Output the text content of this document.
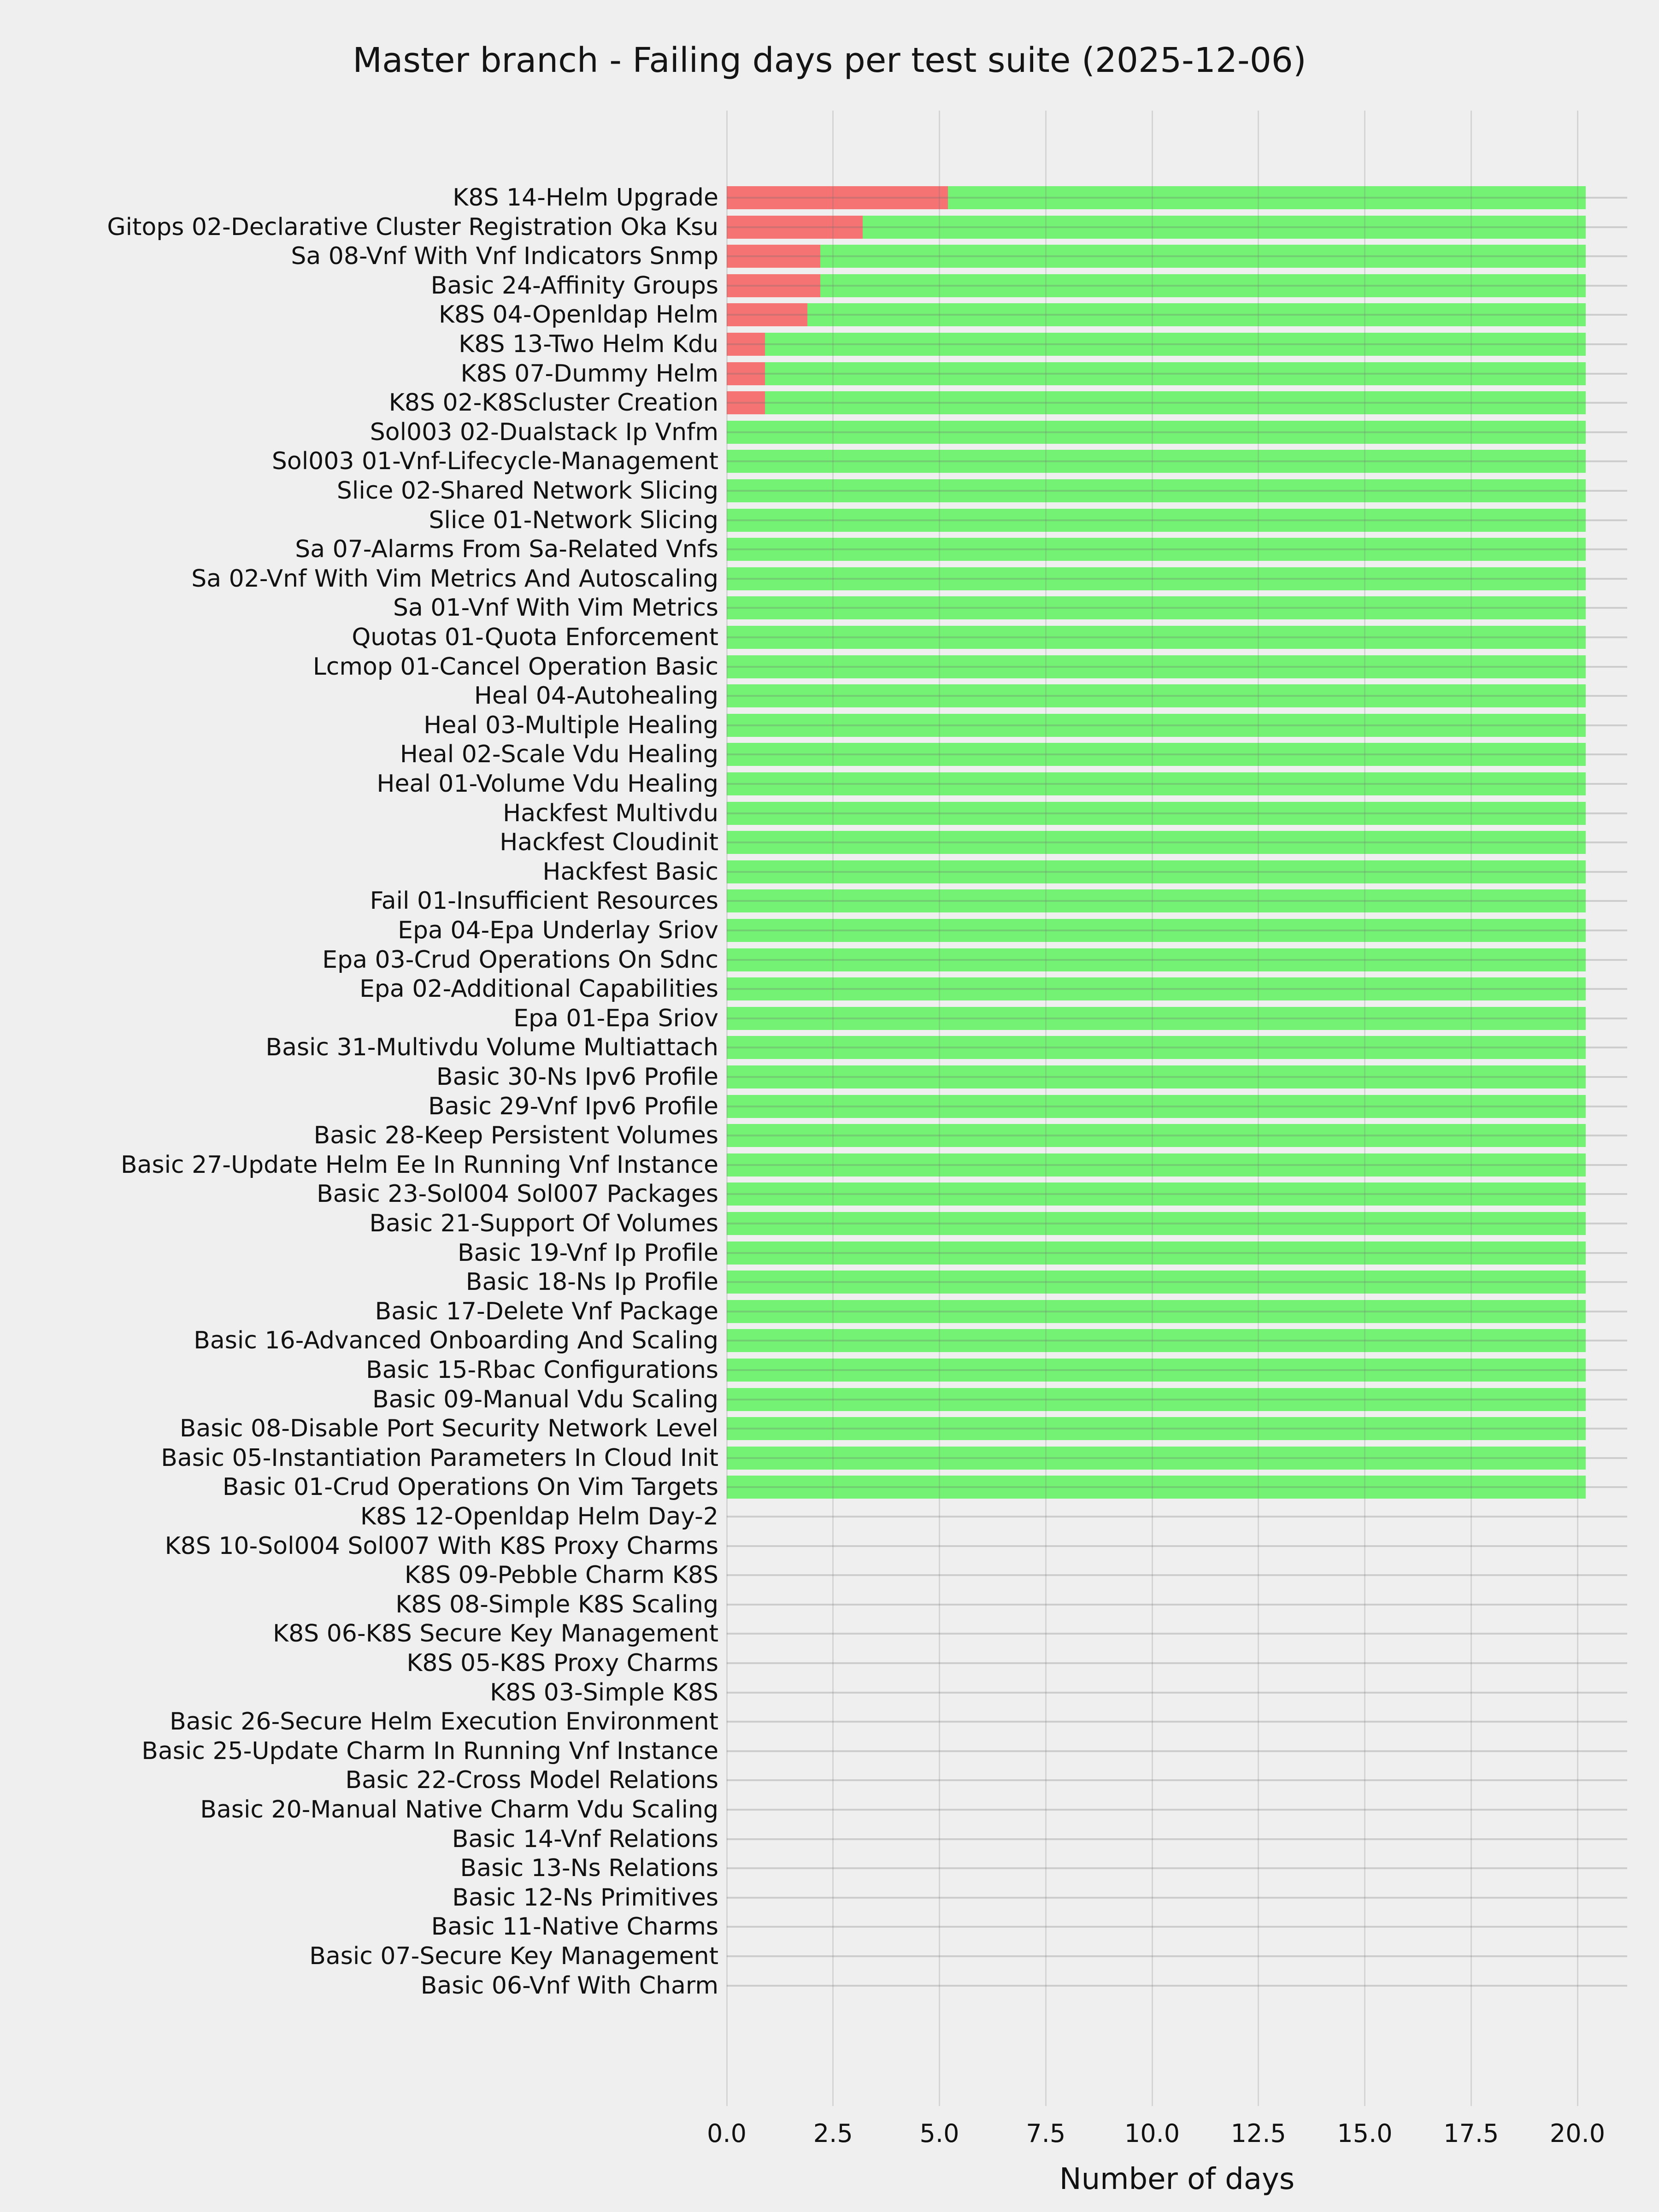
Master branch - Failing days per test suite (2025-12-06)
Number of days
0.0	2.5	5.0	7.5	10.0	12.5	15.0	17.5	20.0
K8S 14-Helm Upgrade
Gitops 02-Declarative Cluster Registration Oka Ksu
Sa 08-Vnf With Vnf Indicators Snmp
Basic 24-Affinity Groups
K8S 04-Openldap Helm
K8S 13-Two Helm Kdu
K8S 07-Dummy Helm
K8S 02-K8Scluster Creation
Sol003 02-Dualstack Ip Vnfm
Sol003 01-Vnf-Lifecycle-Management
Slice 02-Shared Network Slicing
Slice 01-Network Slicing
Sa 07-Alarms From Sa-Related Vnfs
Sa 02-Vnf With Vim Metrics And Autoscaling
Sa 01-Vnf With Vim Metrics
Quotas 01-Quota Enforcement
Lcmop 01-Cancel Operation Basic
Heal 04-Autohealing
Heal 03-Multiple Healing
Heal 02-Scale Vdu Healing
Heal 01-Volume Vdu Healing
Hackfest Multivdu
Hackfest Cloudinit
Hackfest Basic
Fail 01-Insufficient Resources
Epa 04-Epa Underlay Sriov
Epa 03-Crud Operations On Sdnc
Epa 02-Additional Capabilities
Epa 01-Epa Sriov
Basic 31-Multivdu Volume Multiattach
Basic 30-Ns Ipv6 Profile
Basic 29-Vnf Ipv6 Profile
Basic 28-Keep Persistent Volumes
Basic 27-Update Helm Ee In Running Vnf Instance
Basic 23-Sol004 Sol007 Packages
Basic 21-Support Of Volumes
Basic 19-Vnf Ip Profile
Basic 18-Ns Ip Profile
Basic 17-Delete Vnf Package
Basic 16-Advanced Onboarding And Scaling
Basic 15-Rbac Configurations
Basic 09-Manual Vdu Scaling
Basic 08-Disable Port Security Network Level
Basic 05-Instantiation Parameters In Cloud Init
Basic 01-Crud Operations On Vim Targets
K8S 12-Openldap Helm Day-2
K8S 10-Sol004 Sol007 With K8S Proxy Charms
K8S 09-Pebble Charm K8S
K8S 08-Simple K8S Scaling
K8S 06-K8S Secure Key Management
K8S 05-K8S Proxy Charms
K8S 03-Simple K8S
Basic 26-Secure Helm Execution Environment
Basic 25-Update Charm In Running Vnf Instance
Basic 22-Cross Model Relations
Basic 20-Manual Native Charm Vdu Scaling
Basic 14-Vnf Relations
Basic 13-Ns Relations
Basic 12-Ns Primitives
Basic 11-Native Charms
Basic 07-Secure Key Management
Basic 06-Vnf With Charm
